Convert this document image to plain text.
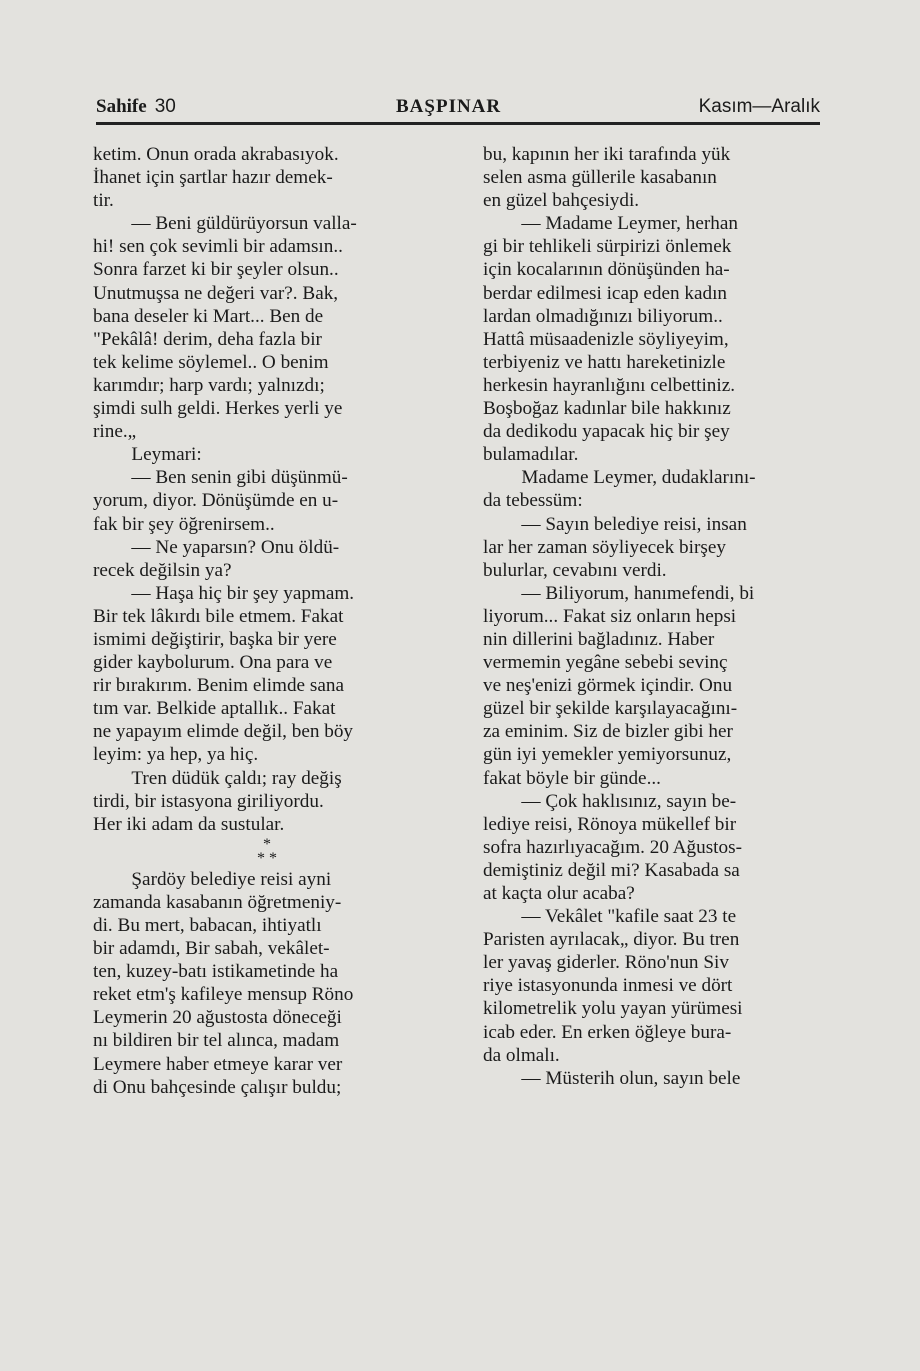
Sahife 30	BAŞPINAR	Kasım—Aralık

ketim. Onun orada akrabasıyok.

İhanet için şartlar hazır demek-

tir.

  — Beni güldürüyorsun valla-

hi! sen çok sevimli bir adamsın..

Sonra farzet ki bir şeyler olsun..

Unutmuşsa ne değeri var?. Bak,

bana deseler ki Mart... Ben de

"Pekâlâ! derim, deha fazla bir

tek kelime söylemel.. O benim

karımdır; harp vardı; yalnızdı;

şimdi sulh geldi. Herkes yerli ye

rine.„

  Leymari:

  — Ben senin gibi düşünmü-

yorum, diyor. Dönüşümde en u-

fak bir şey öğrenirsem..

  — Ne yaparsın? Onu öldü-

recek değilsin ya?

  — Haşa hiç bir şey yapmam.

Bir tek lâkırdı bile etmem. Fakat

ismimi değiştirir, başka bir yere

gider kaybolurum. Ona para ve

rir bırakırım. Benim elimde sana

tım var. Belkide aptallık.. Fakat

ne yapayım elimde değil, ben böy

leyim: ya hep, ya hiç.

  Tren düdük çaldı; ray değiş

tirdi, bir istasyona giriliyordu.

Her iki adam da sustular.

*
* *

  Şardöy belediye reisi ayni

zamanda kasabanın öğretmeniy-

di. Bu mert, babacan, ihtiyatlı

bir adamdı, Bir sabah, vekâlet-

ten, kuzey-batı istikametinde ha

reket etm'ş kafileye mensup Röno

Leymerin 20 ağustosta döneceği

nı bildiren bir tel alınca, madam

Leymere haber etmeye karar ver

di Onu bahçesinde çalışır buldu;

bu, kapının her iki tarafında yük

selen asma güllerile kasabanın

en güzel bahçesiydi.

  — Madame Leymer, herhan

gi bir tehlikeli sürpirizi önlemek

için kocalarının dönüşünden ha-

berdar edilmesi icap eden kadın

lardan olmadığınızı biliyorum..

Hattâ müsaadenizle söyliyeyim,

terbiyeniz ve hattı hareketinizle

herkesin hayranlığını celbettiniz.

Boşboğaz kadınlar bile hakkınız

da dedikodu yapacak hiç bir şey

bulamadılar.

  Madame Leymer, dudaklarını-

da tebessüm:

  — Sayın belediye reisi, insan

lar her zaman söyliyecek birşey

bulurlar, cevabını verdi.

  — Biliyorum, hanımefendi, bi

liyorum... Fakat siz onların hepsi

nin dillerini bağladınız. Haber

vermemin yegâne sebebi sevinç

ve neş'enizi görmek içindir. Onu

güzel bir şekilde karşılayacağını-

za eminim. Siz de bizler gibi her

gün iyi yemekler yemiyorsunuz,

fakat böyle bir günde...

  — Çok haklısınız, sayın be-

lediye reisi, Rönoya mükellef bir

sofra hazırlıyacağım. 20 Ağustos-

demiştiniz değil mi? Kasabada sa

at kaçta olur acaba?

  — Vekâlet "kafile saat 23 te

Paristen ayrılacak„ diyor. Bu tren

ler yavaş giderler. Röno'nun Siv

riye istasyonunda inmesi ve dört

kilometrelik yolu yayan yürümesi

icab eder. En erken öğleye bura-

da olmalı.

  — Müsterih olun, sayın bele
